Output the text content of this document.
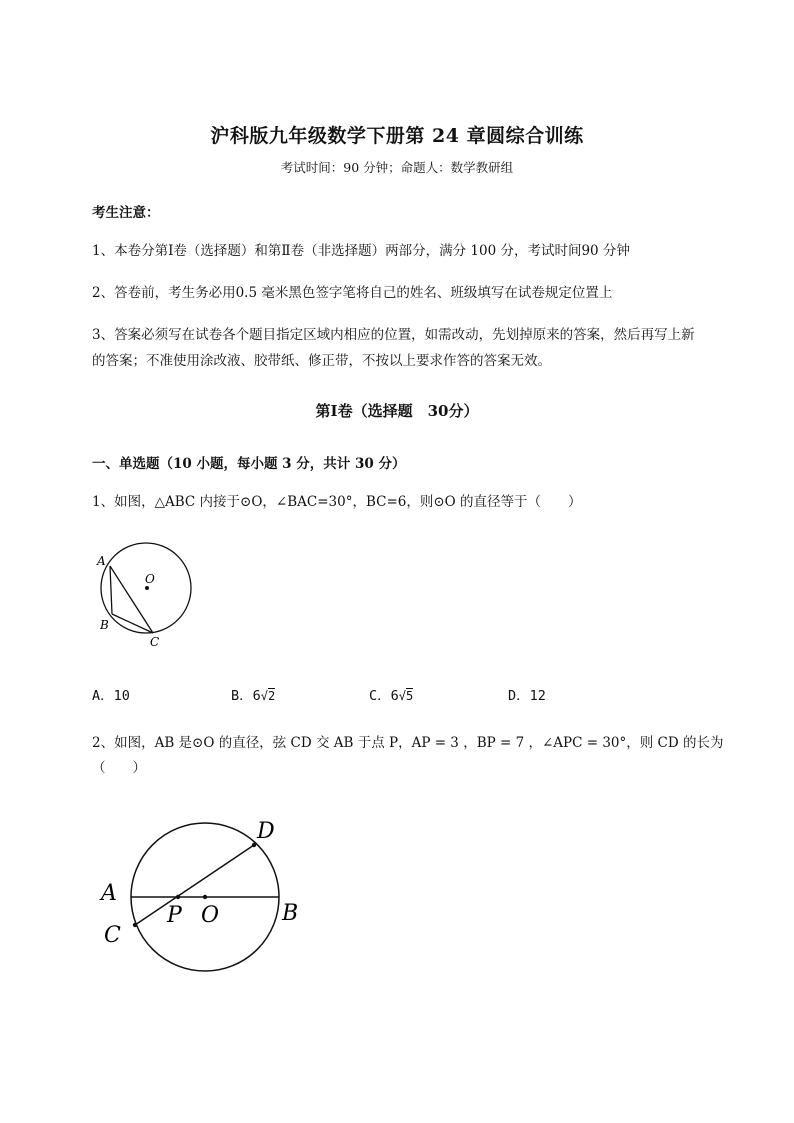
沪科版九年级数学下册第 24 章圆综合训练
考试时间：90 分钟；命题人：数学教研组
考生注意：
1、本卷分第Ⅰ卷（选择题）和第Ⅱ卷（非选择题）两部分，满分 100 分，考试时间90 分钟
2、答卷前，考生务必用0.5 毫米黑色签字笔将自己的姓名、班级填写在试卷规定位置上
3、答案必须写在试卷各个题目指定区域内相应的位置，如需改动，先划掉原来的答案，然后再写上新
的答案；不准使用涂改液、胶带纸、修正带，不按以上要求作答的答案无效。
第Ⅰ卷（选择题　30分）
一、单选题（10 小题，每小题 3 分，共计 30 分）
1、如图，△ABC 内接于⊙O，∠BAC=30°，BC=6，则⊙O 的直径等于（　　）
A
O
B
C
A．10	B．6√2	C．6√5	D．12
2、如图，AB 是⊙O 的直径，弦 CD 交 AB 于点 P，AP = 3 ，BP = 7 ，∠APC = 30°，则 CD 的长为
（　　）
A
B
C
D
P O
